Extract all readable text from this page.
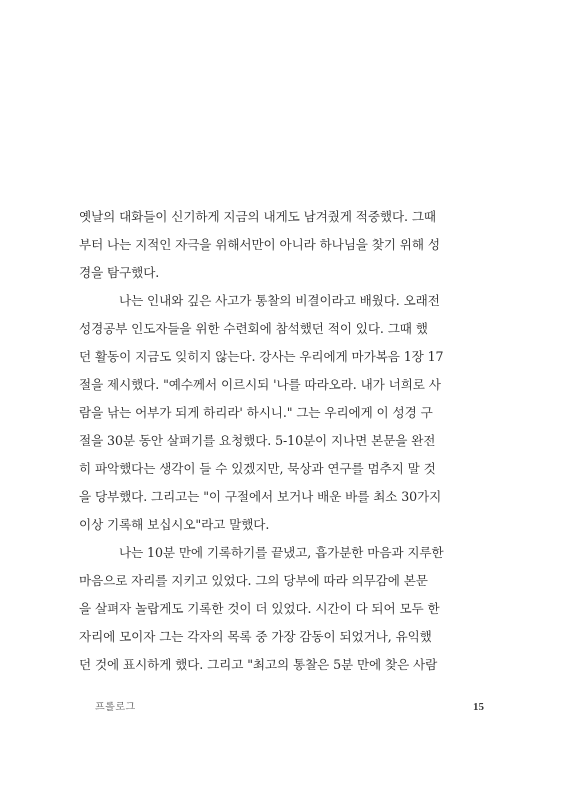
옛날의 대화들이 신기하게 지금의 내게도 남겨줬게 적중했다. 그때
부터 나는 지적인 자극을 위해서만이 아니라 하나님을 찾기 위해 성
경을 탐구했다.
나는 인내와 깊은 사고가 통찰의 비결이라고 배웠다. 오래전
성경공부 인도자들을 위한 수련회에 참석했던 적이 있다. 그때 했
던 활동이 지금도 잊히지 않는다. 강사는 우리에게 마가복음 1장 17
절을 제시했다. "예수께서 이르시되 '나를 따라오라. 내가 너희로 사
람을 낚는 어부가 되게 하리라' 하시니." 그는 우리에게 이 성경 구
절을 30분 동안 살펴기를 요청했다. 5-10분이 지나면 본문을 완전
히 파악했다는 생각이 들 수 있겠지만, 묵상과 연구를 멈추지 말 것
을 당부했다. 그리고는 "이 구절에서 보거나 배운 바를 최소 30가지
이상 기록해 보십시오"라고 말했다.
나는 10분 만에 기록하기를 끝냈고, 흡가분한 마음과 지루한
마음으로 자리를 지키고 있었다. 그의 당부에 따라 의무감에 본문
을 살펴자 놀랍게도 기록한 것이 더 있었다. 시간이 다 되어 모두 한
자리에 모이자 그는 각자의 목록 중 가장 감동이 되었거나, 유익했
던 것에 표시하게 했다. 그리고 "최고의 통찰은 5분 만에 찾은 사람
프롤로그	15
